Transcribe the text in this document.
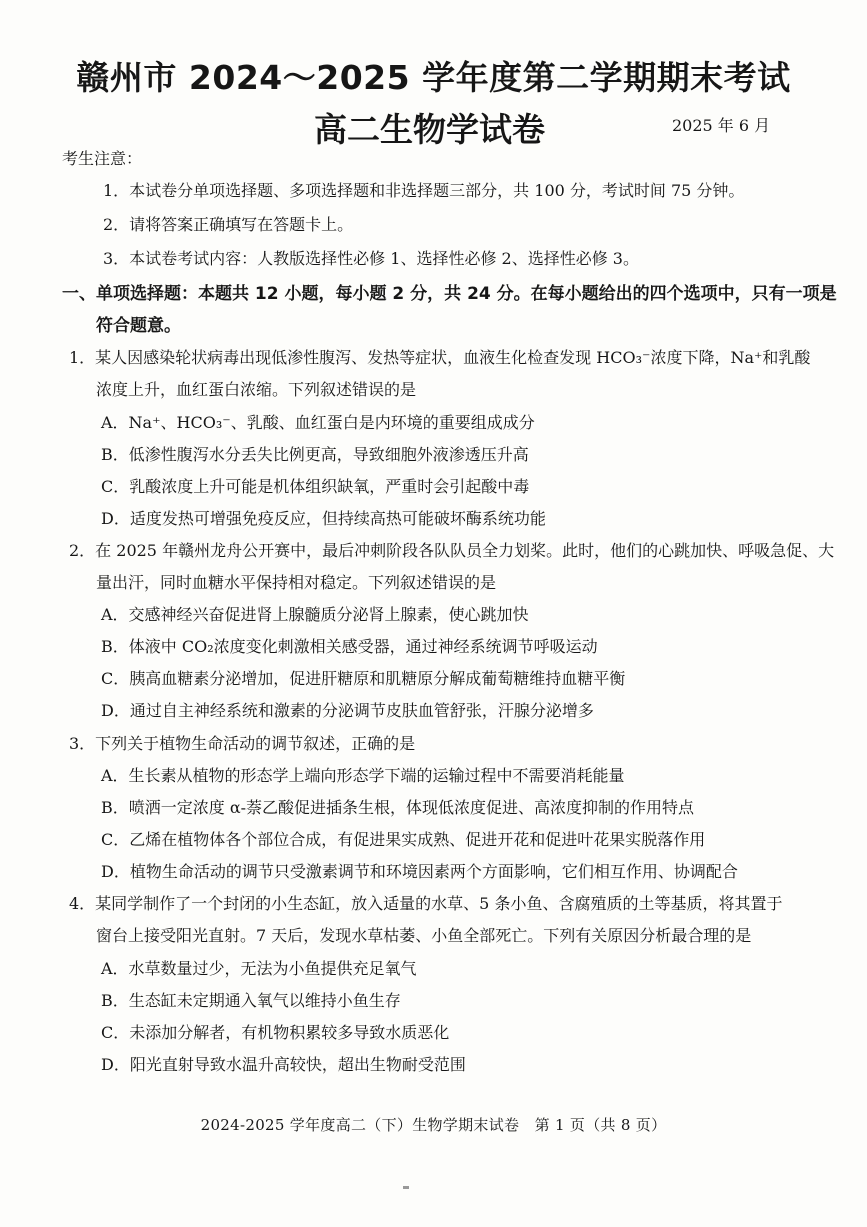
赣州市 2024～2025 学年度第二学期期末考试
高二生物学试卷	2025 年 6 月
考生注意：
1．本试卷分单项选择题、多项选择题和非选择题三部分，共 100 分，考试时间 75 分钟。
2．请将答案正确填写在答题卡上。
3．本试卷考试内容：人教版选择性必修 1、选择性必修 2、选择性必修 3。
一、单项选择题：本题共 12 小题，每小题 2 分，共 24 分。在每小题给出的四个选项中，只有一项是
符合题意。
1．某人因感染轮状病毒出现低渗性腹泻、发热等症状，血液生化检查发现 HCO₃⁻浓度下降，Na⁺和乳酸
浓度上升，血红蛋白浓缩。下列叙述错误的是
A．Na⁺、HCO₃⁻、乳酸、血红蛋白是内环境的重要组成成分
B．低渗性腹泻水分丢失比例更高，导致细胞外液渗透压升高
C．乳酸浓度上升可能是机体组织缺氧，严重时会引起酸中毒
D．适度发热可增强免疫反应，但持续高热可能破坏酶系统功能
2．在 2025 年赣州龙舟公开赛中，最后冲刺阶段各队队员全力划桨。此时，他们的心跳加快、呼吸急促、大
量出汗，同时血糖水平保持相对稳定。下列叙述错误的是
A．交感神经兴奋促进肾上腺髓质分泌肾上腺素，使心跳加快
B．体液中 CO₂浓度变化刺激相关感受器，通过神经系统调节呼吸运动
C．胰高血糖素分泌增加，促进肝糖原和肌糖原分解成葡萄糖维持血糖平衡
D．通过自主神经系统和激素的分泌调节皮肤血管舒张，汗腺分泌增多
3．下列关于植物生命活动的调节叙述，正确的是
A．生长素从植物的形态学上端向形态学下端的运输过程中不需要消耗能量
B．喷洒一定浓度 α-萘乙酸促进插条生根，体现低浓度促进、高浓度抑制的作用特点
C．乙烯在植物体各个部位合成，有促进果实成熟、促进开花和促进叶花果实脱落作用
D．植物生命活动的调节只受激素调节和环境因素两个方面影响，它们相互作用、协调配合
4．某同学制作了一个封闭的小生态缸，放入适量的水草、5 条小鱼、含腐殖质的土等基质，将其置于
窗台上接受阳光直射。7 天后，发现水草枯萎、小鱼全部死亡。下列有关原因分析最合理的是
A．水草数量过少，无法为小鱼提供充足氧气
B．生态缸未定期通入氧气以维持小鱼生存
C．未添加分解者，有机物积累较多导致水质恶化
D．阳光直射导致水温升高较快，超出生物耐受范围
2024-2025 学年度高二（下）生物学期末试卷　第 1 页（共 8 页）
